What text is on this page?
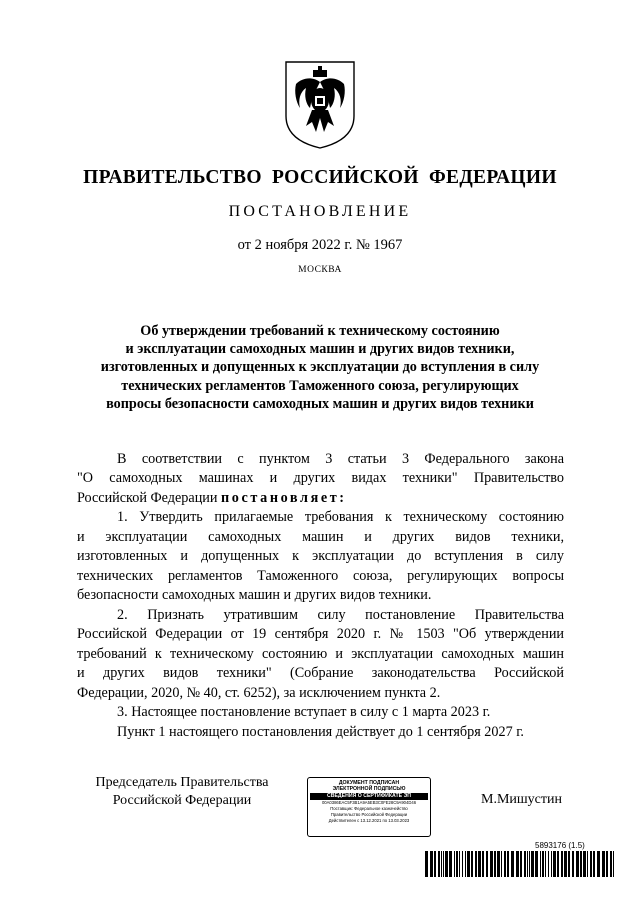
ПРАВИТЕЛЬСТВО РОССИЙСКОЙ ФЕДЕРАЦИИ
ПОСТАНОВЛЕНИЕ
от 2 ноября 2022 г. № 1967
МОСКВА
Об утверждении требований к техническому состоянию
и эксплуатации самоходных машин и других видов техники,
изготовленных и допущенных к эксплуатации до вступления в силу
технических регламентов Таможенного союза, регулирующих
вопросы безопасности самоходных машин и других видов техники
В соответствии с пунктом 3 статьи 3 Федерального закона
"О самоходных машинах и других видах техники" Правительство
Российской Федерации постановляет:
1. Утвердить прилагаемые требования к техническому состоянию
и эксплуатации самоходных машин и других видов техники,
изготовленных и допущенных к эксплуатации до вступления в силу
технических регламентов Таможенного союза, регулирующих вопросы
безопасности самоходных машин и других видов техники.
2. Признать утратившим силу постановление Правительства
Российской Федерации от 19 сентября 2020 г. № 1503 "Об утверждении
требований к техническому состоянию и эксплуатации самоходных машин
и других видов техники" (Собрание законодательства Российской
Федерации, 2020, № 40, ст. 6252), за исключением пункта 2.
3. Настоящее постановление вступает в силу с 1 марта 2023 г.
Пункт 1 настоящего постановления действует до 1 сентября 2027 г.
Председатель Правительства
Российской Федерации
ДОКУМЕНТ ПОДПИСАН
ЭЛЕКТРОННОЙ ПОДПИСЬЮ
СВЕДЕНИЯ О СЕРТИФИКАТЕ ЭП
00A0386EAC5F3B1A9A5EB3C0FE28C9A904D46
Поставщик: Федеральное казначейство
Правительство Российской Федерации
Действителен с 13.12.2021 по 13.03.2023
М.Мишустин
5893176 (1.5)
